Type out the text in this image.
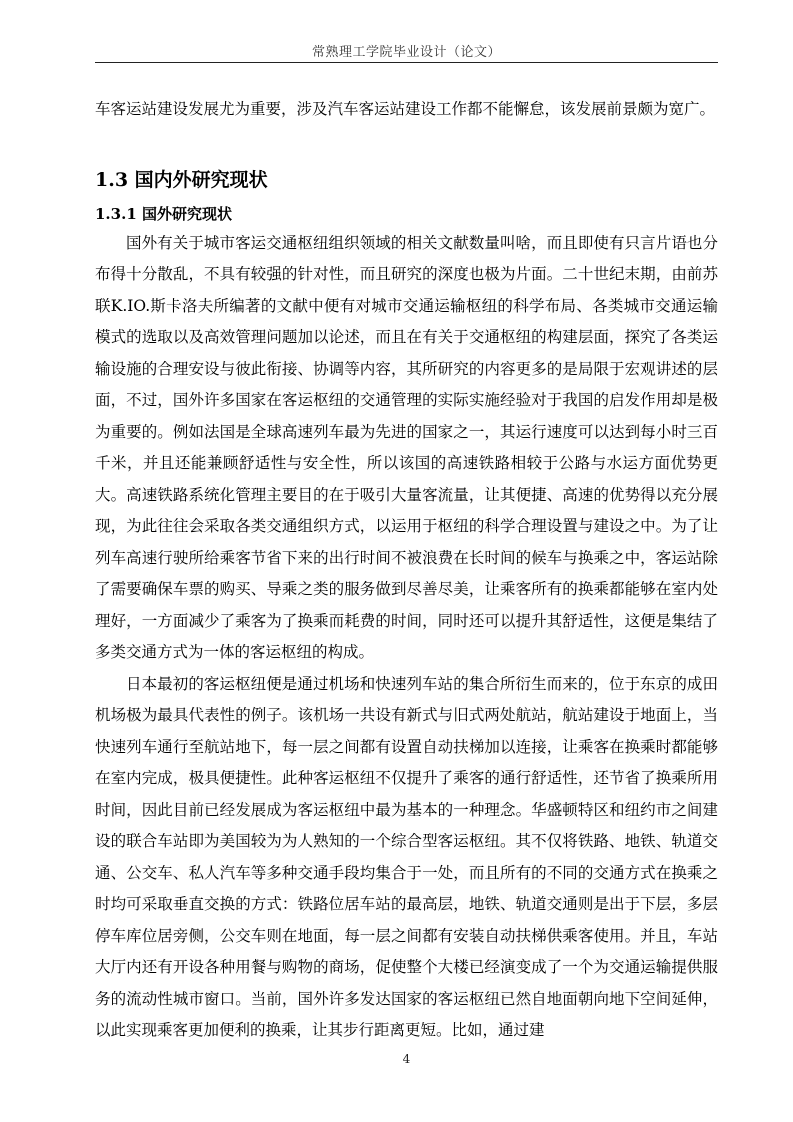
常熟理工学院毕业设计（论文）

车客运站建设发展尤为重要，涉及汽车客运站建设工作都不能懈怠，该发展前景颇为宽广。

1.3 国内外研究现状
1.3.1 国外研究现状

国外有关于城市客运交通枢纽组织领域的相关文献数量叫啥，而且即使有只言片语也分布得十分散乱，不具有较强的针对性，而且研究的深度也极为片面。二十世纪末期，由前苏联K.IO.斯卡洛夫所编著的文献中便有对城市交通运输枢纽的科学布局、各类城市交通运输模式的选取以及高效管理问题加以论述，而且在有关于交通枢纽的构建层面，探究了各类运输设施的合理安设与彼此衔接、协调等内容，其所研究的内容更多的是局限于宏观讲述的层面，不过，国外许多国家在客运枢纽的交通管理的实际实施经验对于我国的启发作用却是极为重要的。例如法国是全球高速列车最为先进的国家之一，其运行速度可以达到每小时三百千米，并且还能兼顾舒适性与安全性，所以该国的高速铁路相较于公路与水运方面优势更大。高速铁路系统化管理主要目的在于吸引大量客流量，让其便捷、高速的优势得以充分展现，为此往往会采取各类交通组织方式，以运用于枢纽的科学合理设置与建设之中。为了让列车高速行驶所给乘客节省下来的出行时间不被浪费在长时间的候车与换乘之中，客运站除了需要确保车票的购买、导乘之类的服务做到尽善尽美，让乘客所有的换乘都能够在室内处理好，一方面减少了乘客为了换乘而耗费的时间，同时还可以提升其舒适性，这便是集结了多类交通方式为一体的客运枢纽的构成。

日本最初的客运枢纽便是通过机场和快速列车站的集合所衍生而来的，位于东京的成田机场极为最具代表性的例子。该机场一共设有新式与旧式两处航站，航站建设于地面上，当快速列车通行至航站地下，每一层之间都有设置自动扶梯加以连接，让乘客在换乘时都能够在室内完成，极具便捷性。此种客运枢纽不仅提升了乘客的通行舒适性，还节省了换乘所用时间，因此目前已经发展成为客运枢纽中最为基本的一种理念。华盛顿特区和纽约市之间建设的联合车站即为美国较为为人熟知的一个综合型客运枢纽。其不仅将铁路、地铁、轨道交通、公交车、私人汽车等多种交通手段均集合于一处，而且所有的不同的交通方式在换乘之时均可采取垂直交换的方式：铁路位居车站的最高层，地铁、轨道交通则是出于下层，多层停车库位居旁侧，公交车则在地面，每一层之间都有安装自动扶梯供乘客使用。并且，车站大厅内还有开设各种用餐与购物的商场，促使整个大楼已经演变成了一个为交通运输提供服务的流动性城市窗口。当前，国外许多发达国家的客运枢纽已然自地面朝向地下空间延伸，以此实现乘客更加便利的换乘，让其步行距离更短。比如，通过建

4
